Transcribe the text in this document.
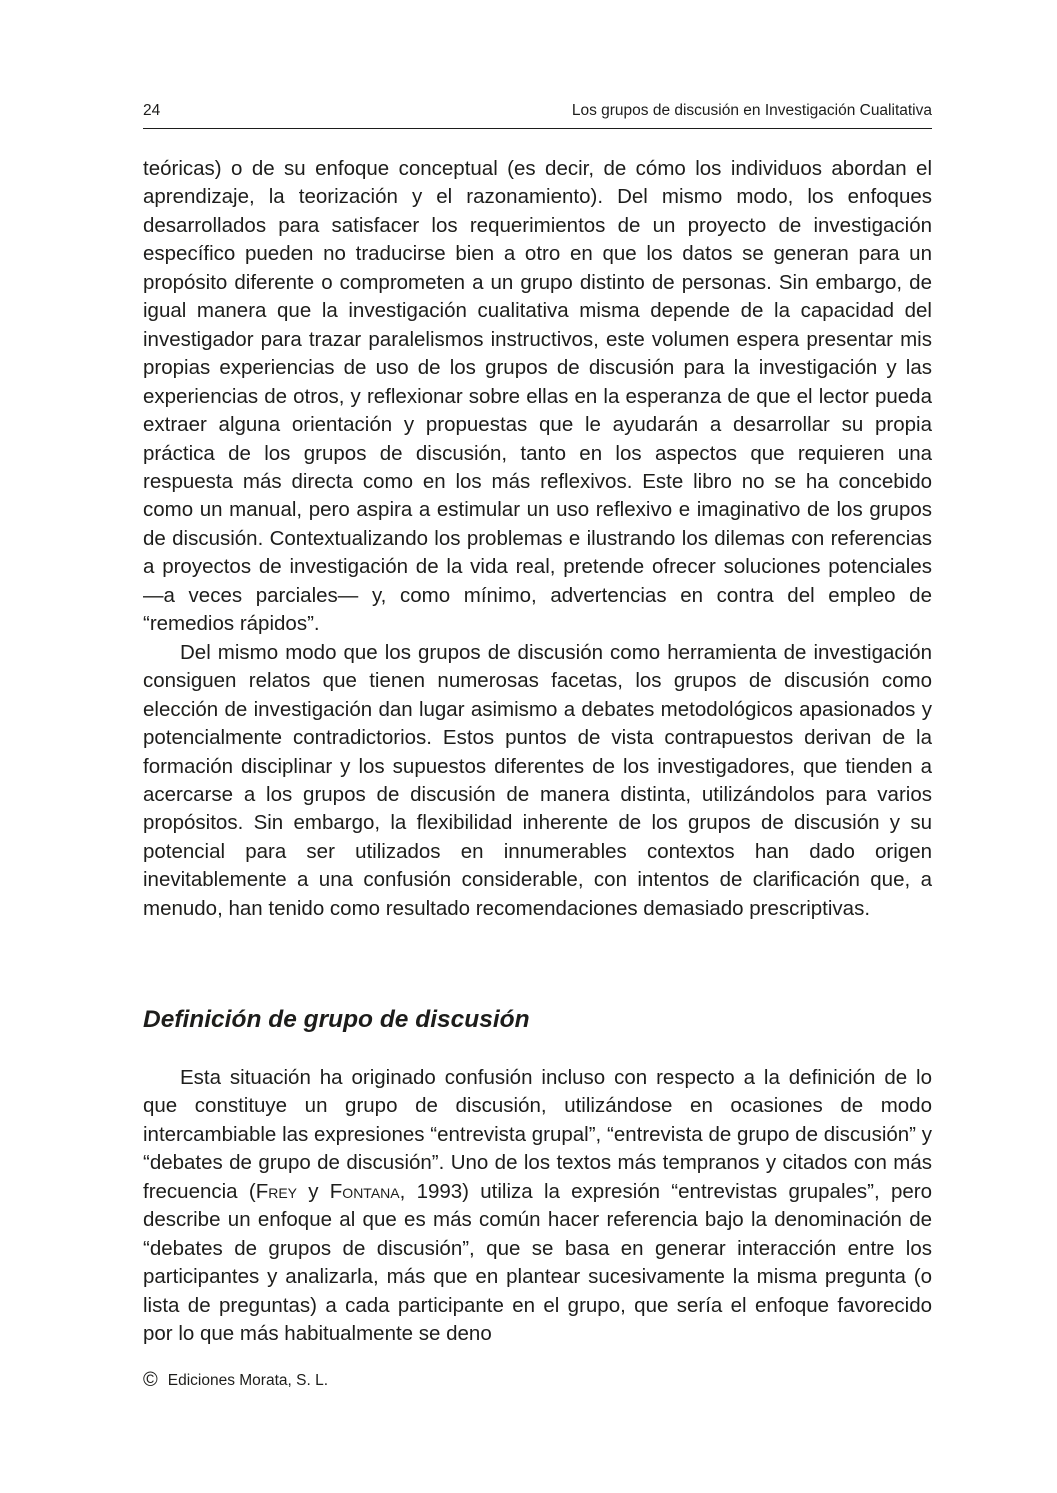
24	Los grupos de discusión en Investigación Cualitativa

teóricas) o de su enfoque conceptual (es decir, de cómo los individuos abordan el aprendizaje, la teorización y el razonamiento). Del mismo modo, los enfoques desarrollados para satisfacer los requerimientos de un proyecto de investigación específico pueden no traducirse bien a otro en que los datos se generan para un propósito diferente o comprometen a un grupo distinto de personas. Sin embargo, de igual manera que la investigación cualitativa misma depende de la capacidad del investigador para trazar paralelismos instructivos, este volumen espera presentar mis propias experiencias de uso de los grupos de discusión para la investigación y las experiencias de otros, y reflexionar sobre ellas en la esperanza de que el lector pueda extraer alguna orientación y propuestas que le ayudarán a desarrollar su propia práctica de los grupos de discusión, tanto en los aspectos que requieren una respuesta más directa como en los más reflexivos. Este libro no se ha concebido como un manual, pero aspira a estimular un uso reflexivo e imaginativo de los grupos de discusión. Contextualizando los problemas e ilustrando los dilemas con referencias a proyectos de investigación de la vida real, pretende ofrecer soluciones potenciales —a veces parciales— y, como mínimo, advertencias en contra del empleo de “remedios rápidos”.

Del mismo modo que los grupos de discusión como herramienta de investigación consiguen relatos que tienen numerosas facetas, los grupos de discusión como elección de investigación dan lugar asimismo a debates metodológicos apasionados y potencialmente contradictorios. Estos puntos de vista contrapuestos derivan de la formación disciplinar y los supuestos diferentes de los investigadores, que tienden a acercarse a los grupos de discusión de manera distinta, utilizándolos para varios propósitos. Sin embargo, la flexibilidad inherente de los grupos de discusión y su potencial para ser utilizados en innumerables contextos han dado origen inevitablemente a una confusión considerable, con intentos de clarificación que, a menudo, han tenido como resultado recomendaciones demasiado prescriptivas.

Definición de grupo de discusión

Esta situación ha originado confusión incluso con respecto a la definición de lo que constituye un grupo de discusión, utilizándose en ocasiones de modo intercambiable las expresiones “entrevista grupal”, “entrevista de grupo de discusión” y “debates de grupo de discusión”. Uno de los textos más tempranos y citados con más frecuencia (Frey y Fontana, 1993) utiliza la expresión “entrevistas grupales”, pero describe un enfoque al que es más común hacer referencia bajo la denominación de “debates de grupos de discusión”, que se basa en generar interacción entre los participantes y analizarla, más que en plantear sucesivamente la misma pregunta (o lista de preguntas) a cada participante en el grupo, que sería el enfoque favorecido por lo que más habitualmente se deno

© Ediciones Morata, S. L.
